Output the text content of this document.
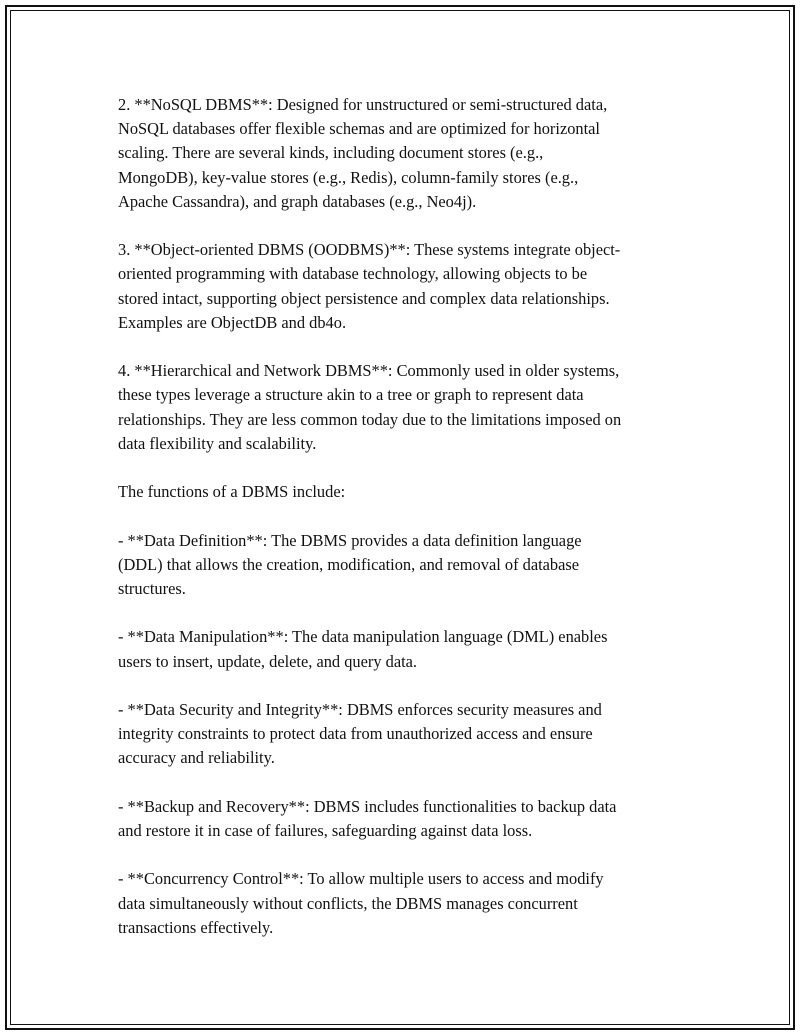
2. **NoSQL DBMS**: Designed for unstructured or semi-structured data,
NoSQL databases offer flexible schemas and are optimized for horizontal
scaling. There are several kinds, including document stores (e.g.,
MongoDB), key-value stores (e.g., Redis), column-family stores (e.g.,
Apache Cassandra), and graph databases (e.g., Neo4j).

3. **Object-oriented DBMS (OODBMS)**: These systems integrate object-
oriented programming with database technology, allowing objects to be
stored intact, supporting object persistence and complex data relationships.
Examples are ObjectDB and db4o.

4. **Hierarchical and Network DBMS**: Commonly used in older systems,
these types leverage a structure akin to a tree or graph to represent data
relationships. They are less common today due to the limitations imposed on
data flexibility and scalability.

The functions of a DBMS include:

- **Data Definition**: The DBMS provides a data definition language
(DDL) that allows the creation, modification, and removal of database
structures.

- **Data Manipulation**: The data manipulation language (DML) enables
users to insert, update, delete, and query data.

- **Data Security and Integrity**: DBMS enforces security measures and
integrity constraints to protect data from unauthorized access and ensure
accuracy and reliability.

- **Backup and Recovery**: DBMS includes functionalities to backup data
and restore it in case of failures, safeguarding against data loss.

- **Concurrency Control**: To allow multiple users to access and modify
data simultaneously without conflicts, the DBMS manages concurrent
transactions effectively.
